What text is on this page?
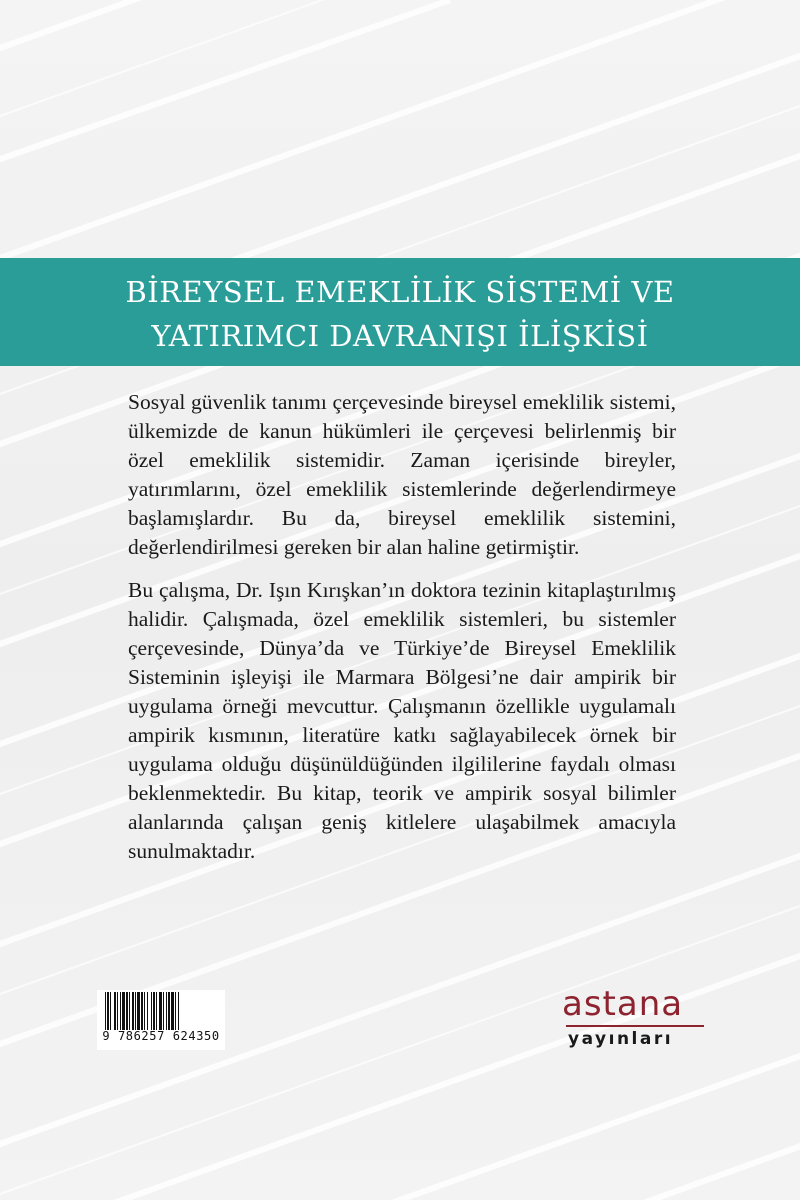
BİREYSEL EMEKLİLİK SİSTEMİ VE
YATIRIMCI DAVRANIŞI İLİŞKİSİ

Sosyal güvenlik tanımı çerçevesinde bireysel emeklilik sistemi, ülkemizde de kanun hükümleri ile çerçevesi belirlenmiş bir özel emeklilik sistemidir. Zaman içerisinde bireyler, yatırımlarını, özel emeklilik sistemlerinde değerlendirmeye başlamışlardır. Bu da, bireysel emeklilik sistemini, değerlendirilmesi gereken bir alan haline getirmiştir.

Bu çalışma, Dr. Işın Kırışkan’ın doktora tezinin kitaplaştırılmış halidir. Çalışmada, özel emeklilik sistemleri, bu sistemler çerçevesinde, Dünya’da ve Türkiye’de Bireysel Emeklilik Sisteminin işleyişi ile Marmara Bölgesi’ne dair ampirik bir uygulama örneği mevcuttur. Çalışmanın özellikle uygulamalı ampirik kısmının, literatüre katkı sağlayabilecek örnek bir uygulama olduğu düşünüldüğünden ilgililerine faydalı olması beklenmektedir. Bu kitap, teorik ve ampirik sosyal bilimler alanlarında çalışan geniş kitlelere ulaşabilmek amacıyla sunulmaktadır.

9 786257 624350
astana
yayınları
